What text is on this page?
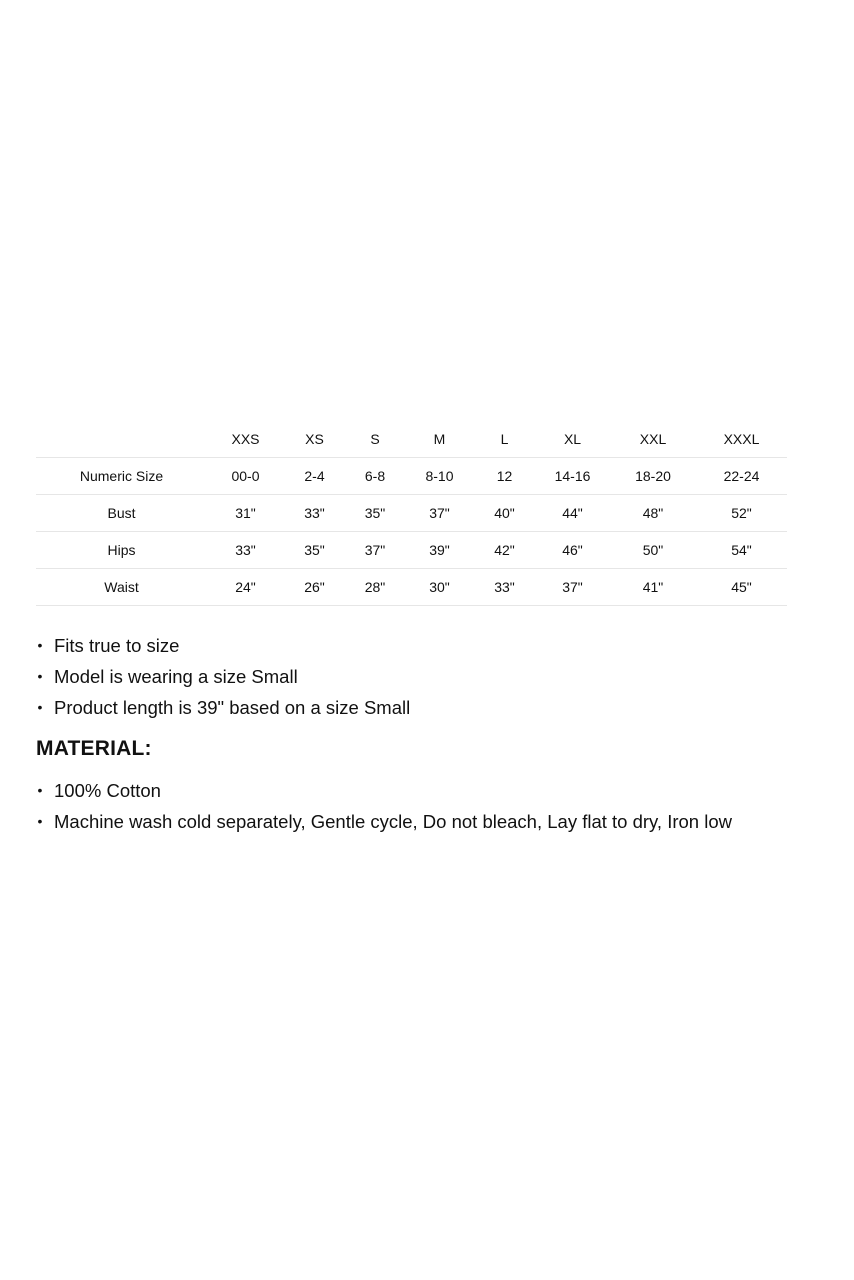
	XXS	XS	S	M	L	XL	XXL	XXXL
Numeric Size	00-0	2-4	6-8	8-10	12	14-16	18-20	22-24
Bust	31"	33"	35"	37"	40"	44"	48"	52"
Hips	33"	35"	37"	39"	42"	46"	50"	54"
Waist	24"	26"	28"	30"	33"	37"	41"	45"
• Fits true to size
• Model is wearing a size Small
• Product length is 39" based on a size Small
MATERIAL:
• 100% Cotton
• Machine wash cold separately, Gentle cycle, Do not bleach, Lay flat to dry, Iron low
